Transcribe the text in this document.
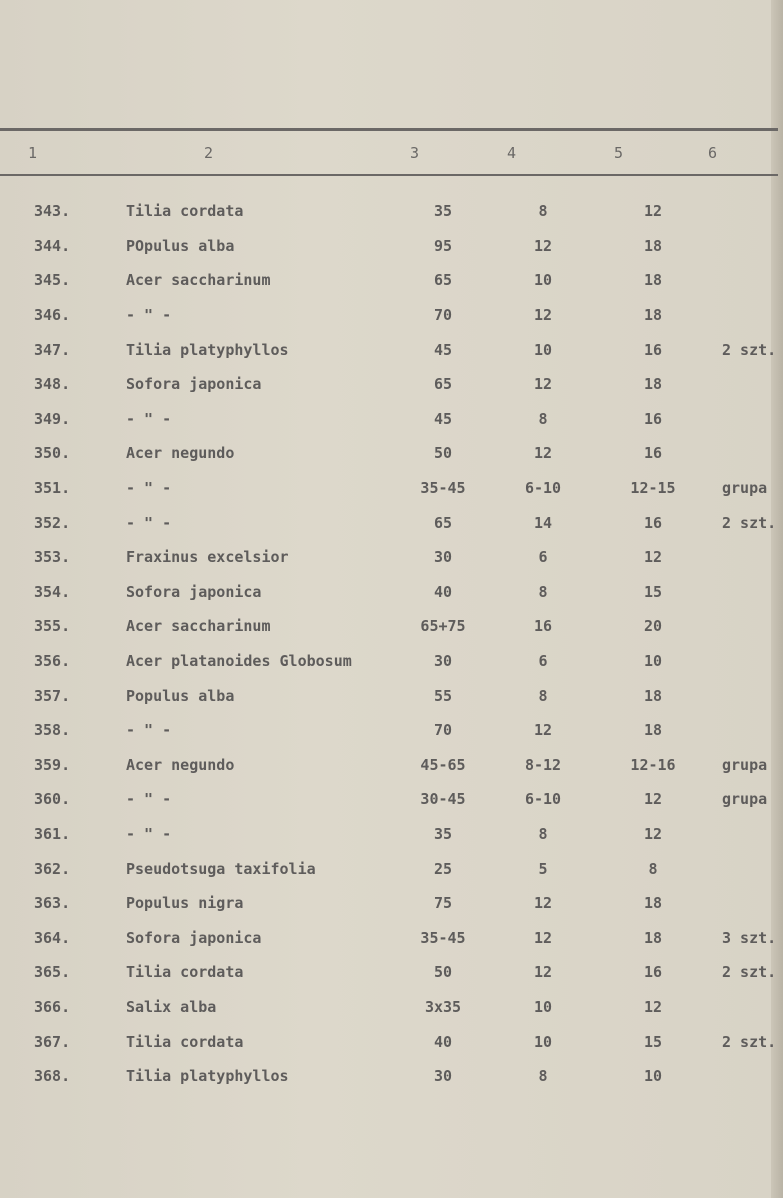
1	2	3	4	5	6
343.	Tilia cordata	35	8	12	
344.	POpulus alba	95	12	18	
345.	Acer saccharinum	65	10	18	
346.	- " -	70	12	18	
347.	Tilia platyphyllos	45	10	16	2 szt.
348.	Sofora japonica	65	12	18	
349.	- " -	45	8	16	
350.	Acer negundo	50	12	16	
351.	- " -	35-45	6-10	12-15	grupa
352.	- " -	65	14	16	2 szt.
353.	Fraxinus excelsior	30	6	12	
354.	Sofora japonica	40	8	15	
355.	Acer saccharinum	65+75	16	20	
356.	Acer platanoides Globosum	30	6	10	
357.	Populus alba	55	8	18	
358.	- " -	70	12	18	
359.	Acer negundo	45-65	8-12	12-16	grupa
360.	- " -	30-45	6-10	12	grupa
361.	- " -	35	8	12	
362.	Pseudotsuga taxifolia	25	5	8	
363.	Populus nigra	75	12	18	
364.	Sofora japonica	35-45	12	18	3 szt.
365.	Tilia cordata	50	12	16	2 szt.
366.	Salix alba	3x35	10	12	
367.	Tilia cordata	40	10	15	2 szt.
368.	Tilia platyphyllos	30	8	10	
